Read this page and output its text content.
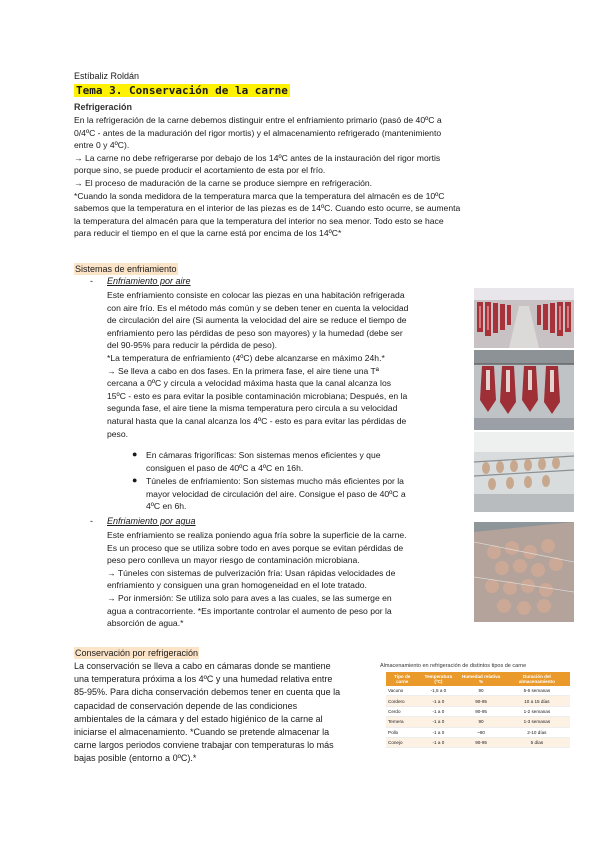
Estíbaliz Roldán
Tema 3. Conservación de la carne
Refrigeración
En la refrigeración de la carne debemos distinguir entre el enfriamiento primario (pasó de 40ºC a
0/4ºC - antes de la maduración del rigor mortis) y el almacenamiento refrigerado (mantenimiento
entre 0 y 4ºC).
→ La carne no debe refrigerarse por debajo de los 14ºC antes de la instauración del rigor mortis
porque sino, se puede producir el acortamiento de esta por el frío.
→ El proceso de maduración de la carne se produce siempre en refrigeración.
*Cuando la sonda medidora de la temperatura marca que la temperatura del almacén es de 10ºC
sabemos que la temperatura en el interior de las piezas es de 14ºC. Cuando esto ocurre, se aumenta
la temperatura del almacén para que la temperatura del interior no sea menor. Todo esto se hace
para reducir el tiempo en el que la carne está por encima de los 14ºC*
Sistemas de enfriamiento
- Enfriamiento por aire
Este enfriamiento consiste en colocar las piezas en una habitación refrigerada
con aire frío. Es el método más común y se deben tener en cuenta la velocidad
de circulación del aire (Si aumenta la velocidad del aire se reduce el tiempo de
enfriamiento pero las pérdidas de peso son mayores) y la humedad (debe ser
del 90-95% para reducir la pérdida de peso).
*La temperatura de enfriamiento (4ºC) debe alcanzarse en máximo 24h.*
→ Se lleva a cabo en dos fases. En la primera fase, el aire tiene una Tª
cercana a 0ºC y circula a velocidad máxima hasta que la canal alcanza los
15ºC - esto es para evitar la posible contaminación microbiana; Después, en la
segunda fase, el aire tiene la misma temperatura pero circula a su velocidad
natural hasta que la canal alcanza los 4ºC - esto es para evitar las pérdidas de
peso.
● En cámaras frigoríficas: Son sistemas menos eficientes y que
consiguen el paso de 40ºC a 4ºC en 16h.
● Túneles de enfriamiento: Son sistemas mucho más eficientes por la
mayor velocidad de circulación del aire. Consigue el paso de 40ºC a
4ºC en 6h.
- Enfriamiento por agua
Este enfriamiento se realiza poniendo agua fría sobre la superficie de la carne.
Es un proceso que se utiliza sobre todo en aves porque se evitan pérdidas de
peso pero conlleva un mayor riesgo de contaminación microbiana.
→ Túneles con sistemas de pulverización fría: Usan rápidas velocidades de
enfriamiento y consiguen una gran homogeneidad en el lote tratado.
→ Por inmersión: Se utiliza solo para aves a las cuales, se las sumerge en
agua a contracorriente. *Es importante controlar el aumento de peso por la
absorción de agua.*
Conservación por refrigeración
La conservación se lleva a cabo en cámaras donde se mantiene
una temperatura próxima a los 4ºC y una humedad relativa entre
85-95%. Para dicha conservación debemos tener en cuenta que la
capacidad de conservación depende de las condiciones
ambientales de la cámara y del estado higiénico de la carne al
iniciarse el almacenamiento. *Cuando se pretende almacenar la
carne largos periodos conviene trabajar con temperaturas lo más
bajas posible (entorno a 0ºC).*
Almacenamiento en refrigeración de distintos tipos de carne
Tipo de carne	Temperatura (ºC)	Humedad relativa %	Duración del almacenamiento
Vacuno	-1,5 a 0	90	5-6 semanas
Cordero	-1 a 0	90-95	10 a 15 días
Cerdo	-1 a 0	90-95	1-2 semanas
Ternera	-1 a 0	90	1-3 semanas
Pollo	-1 a 0	~80	2-10 días
Conejo	-1 a 0	90-95	5 días
